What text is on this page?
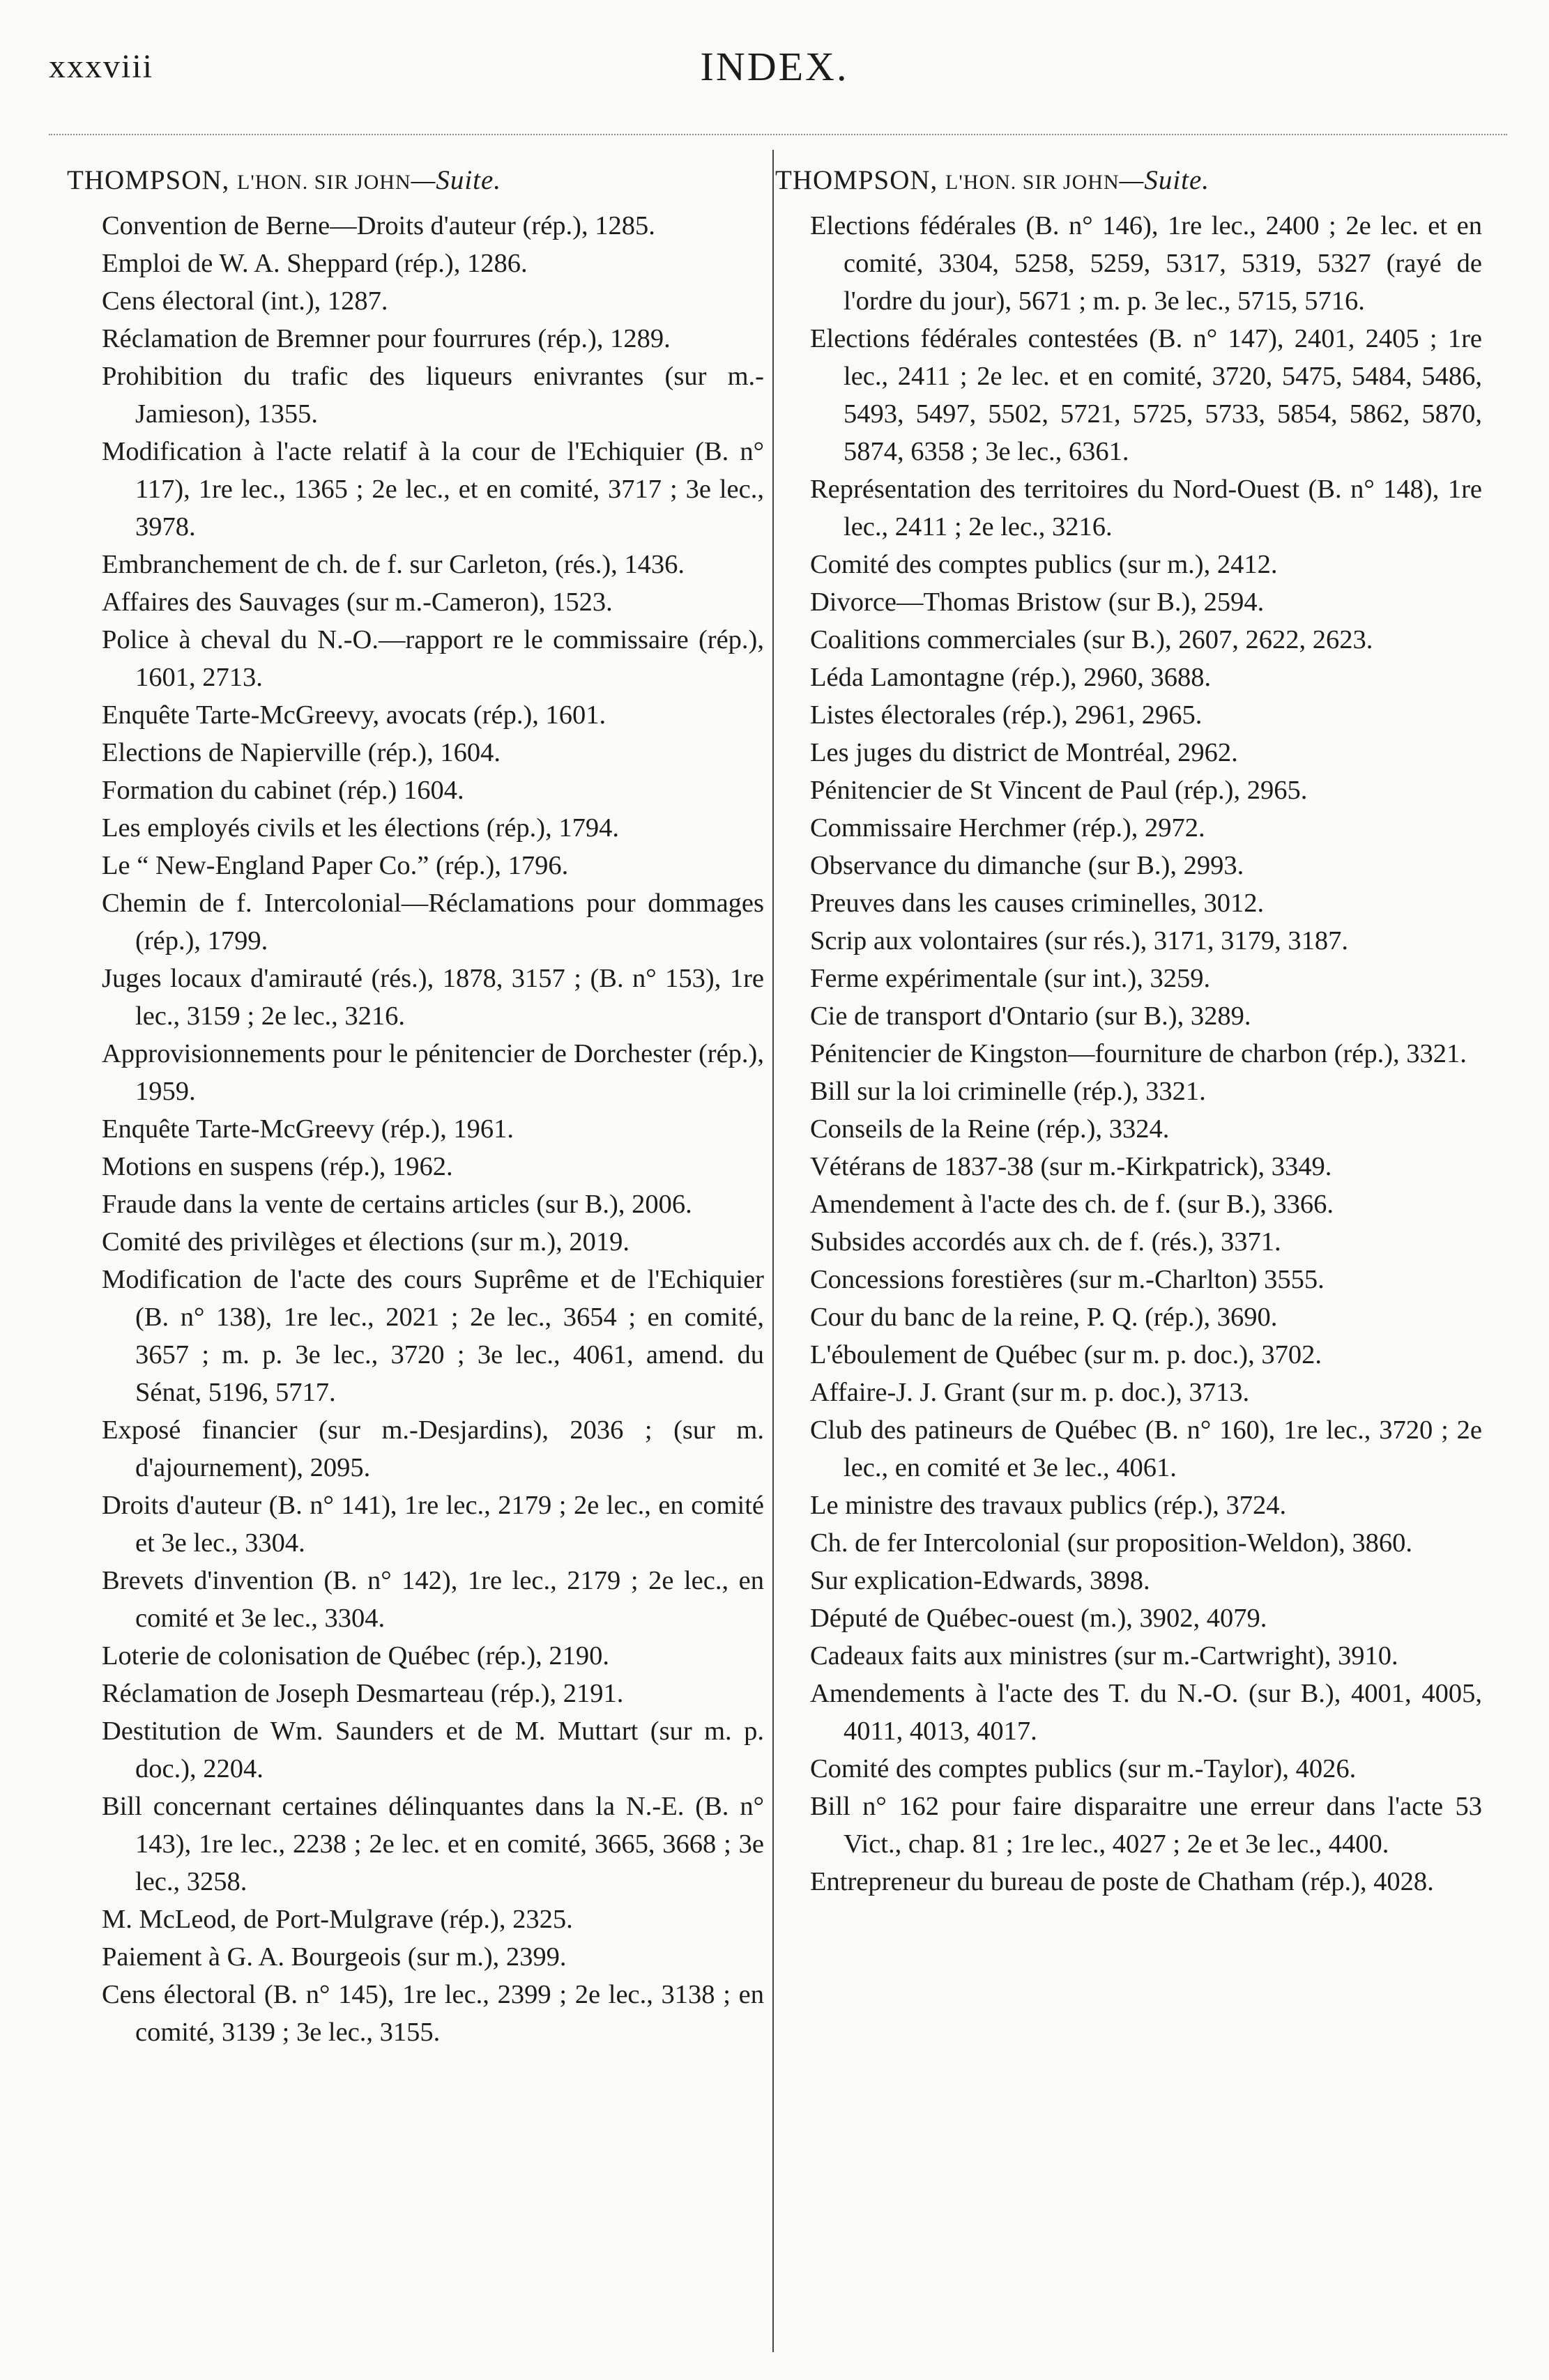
xxxviii	INDEX.
THOMPSON, L'HON. SIR JOHN—Suite.
Convention de Berne—Droits d'auteur (rép.), 1285.
Emploi de W. A. Sheppard (rép.), 1286.
Cens électoral (int.), 1287.
Réclamation de Bremner pour fourrures (rép.), 1289.
Prohibition du trafic des liqueurs enivrantes (sur m.-Jamieson), 1355.
Modification à l'acte relatif à la cour de l'Echiquier (B. n° 117), 1re lec., 1365 ; 2e lec., et en comité, 3717 ; 3e lec., 3978.
Embranchement de ch. de f. sur Carleton, (rés.), 1436.
Affaires des Sauvages (sur m.-Cameron), 1523.
Police à cheval du N.-O.—rapport re le commissaire (rép.), 1601, 2713.
Enquête Tarte-McGreevy, avocats (rép.), 1601.
Elections de Napierville (rép.), 1604.
Formation du cabinet (rép.) 1604.
Les employés civils et les élections (rép.), 1794.
Le “ New-England Paper Co.” (rép.), 1796.
Chemin de f. Intercolonial—Réclamations pour dommages (rép.), 1799.
Juges locaux d'amirauté (rés.), 1878, 3157 ; (B. n° 153), 1re lec., 3159 ; 2e lec., 3216.
Approvisionnements pour le pénitencier de Dorchester (rép.), 1959.
Enquête Tarte-McGreevy (rép.), 1961.
Motions en suspens (rép.), 1962.
Fraude dans la vente de certains articles (sur B.), 2006.
Comité des privilèges et élections (sur m.), 2019.
Modification de l'acte des cours Suprême et de l'Echiquier (B. n° 138), 1re lec., 2021 ; 2e lec., 3654 ; en comité, 3657 ; m. p. 3e lec., 3720 ; 3e lec., 4061, amend. du Sénat, 5196, 5717.
Exposé financier (sur m.-Desjardins), 2036 ; (sur m. d'ajournement), 2095.
Droits d'auteur (B. n° 141), 1re lec., 2179 ; 2e lec., en comité et 3e lec., 3304.
Brevets d'invention (B. n° 142), 1re lec., 2179 ; 2e lec., en comité et 3e lec., 3304.
Loterie de colonisation de Québec (rép.), 2190.
Réclamation de Joseph Desmarteau (rép.), 2191.
Destitution de Wm. Saunders et de M. Muttart (sur m. p. doc.), 2204.
Bill concernant certaines délinquantes dans la N.-E. (B. n° 143), 1re lec., 2238 ; 2e lec. et en comité, 3665, 3668 ; 3e lec., 3258.
M. McLeod, de Port-Mulgrave (rép.), 2325.
Paiement à G. A. Bourgeois (sur m.), 2399.
Cens électoral (B. n° 145), 1re lec., 2399 ; 2e lec., 3138 ; en comité, 3139 ; 3e lec., 3155.
THOMPSON, L'HON. SIR JOHN—Suite.
Elections fédérales (B. n° 146), 1re lec., 2400 ; 2e lec. et en comité, 3304, 5258, 5259, 5317, 5319, 5327 (rayé de l'ordre du jour), 5671 ; m. p. 3e lec., 5715, 5716.
Elections fédérales contestées (B. n° 147), 2401, 2405 ; 1re lec., 2411 ; 2e lec. et en comité, 3720, 5475, 5484, 5486, 5493, 5497, 5502, 5721, 5725, 5733, 5854, 5862, 5870, 5874, 6358 ; 3e lec., 6361.
Représentation des territoires du Nord-Ouest (B. n° 148), 1re lec., 2411 ; 2e lec., 3216.
Comité des comptes publics (sur m.), 2412.
Divorce—Thomas Bristow (sur B.), 2594.
Coalitions commerciales (sur B.), 2607, 2622, 2623.
Léda Lamontagne (rép.), 2960, 3688.
Listes électorales (rép.), 2961, 2965.
Les juges du district de Montréal, 2962.
Pénitencier de St Vincent de Paul (rép.), 2965.
Commissaire Herchmer (rép.), 2972.
Observance du dimanche (sur B.), 2993.
Preuves dans les causes criminelles, 3012.
Scrip aux volontaires (sur rés.), 3171, 3179, 3187.
Ferme expérimentale (sur int.), 3259.
Cie de transport d'Ontario (sur B.), 3289.
Pénitencier de Kingston—fourniture de charbon (rép.), 3321.
Bill sur la loi criminelle (rép.), 3321.
Conseils de la Reine (rép.), 3324.
Vétérans de 1837-38 (sur m.-Kirkpatrick), 3349.
Amendement à l'acte des ch. de f. (sur B.), 3366.
Subsides accordés aux ch. de f. (rés.), 3371.
Concessions forestières (sur m.-Charlton) 3555.
Cour du banc de la reine, P. Q. (rép.), 3690.
L'éboulement de Québec (sur m. p. doc.), 3702.
Affaire-J. J. Grant (sur m. p. doc.), 3713.
Club des patineurs de Québec (B. n° 160), 1re lec., 3720 ; 2e lec., en comité et 3e lec., 4061.
Le ministre des travaux publics (rép.), 3724.
Ch. de fer Intercolonial (sur proposition-Weldon), 3860.
Sur explication-Edwards, 3898.
Député de Québec-ouest (m.), 3902, 4079.
Cadeaux faits aux ministres (sur m.-Cartwright), 3910.
Amendements à l'acte des T. du N.-O. (sur B.), 4001, 4005, 4011, 4013, 4017.
Comité des comptes publics (sur m.-Taylor), 4026.
Bill n° 162 pour faire disparaitre une erreur dans l'acte 53 Vict., chap. 81 ; 1re lec., 4027 ; 2e et 3e lec., 4400.
Entrepreneur du bureau de poste de Chatham (rép.), 4028.
